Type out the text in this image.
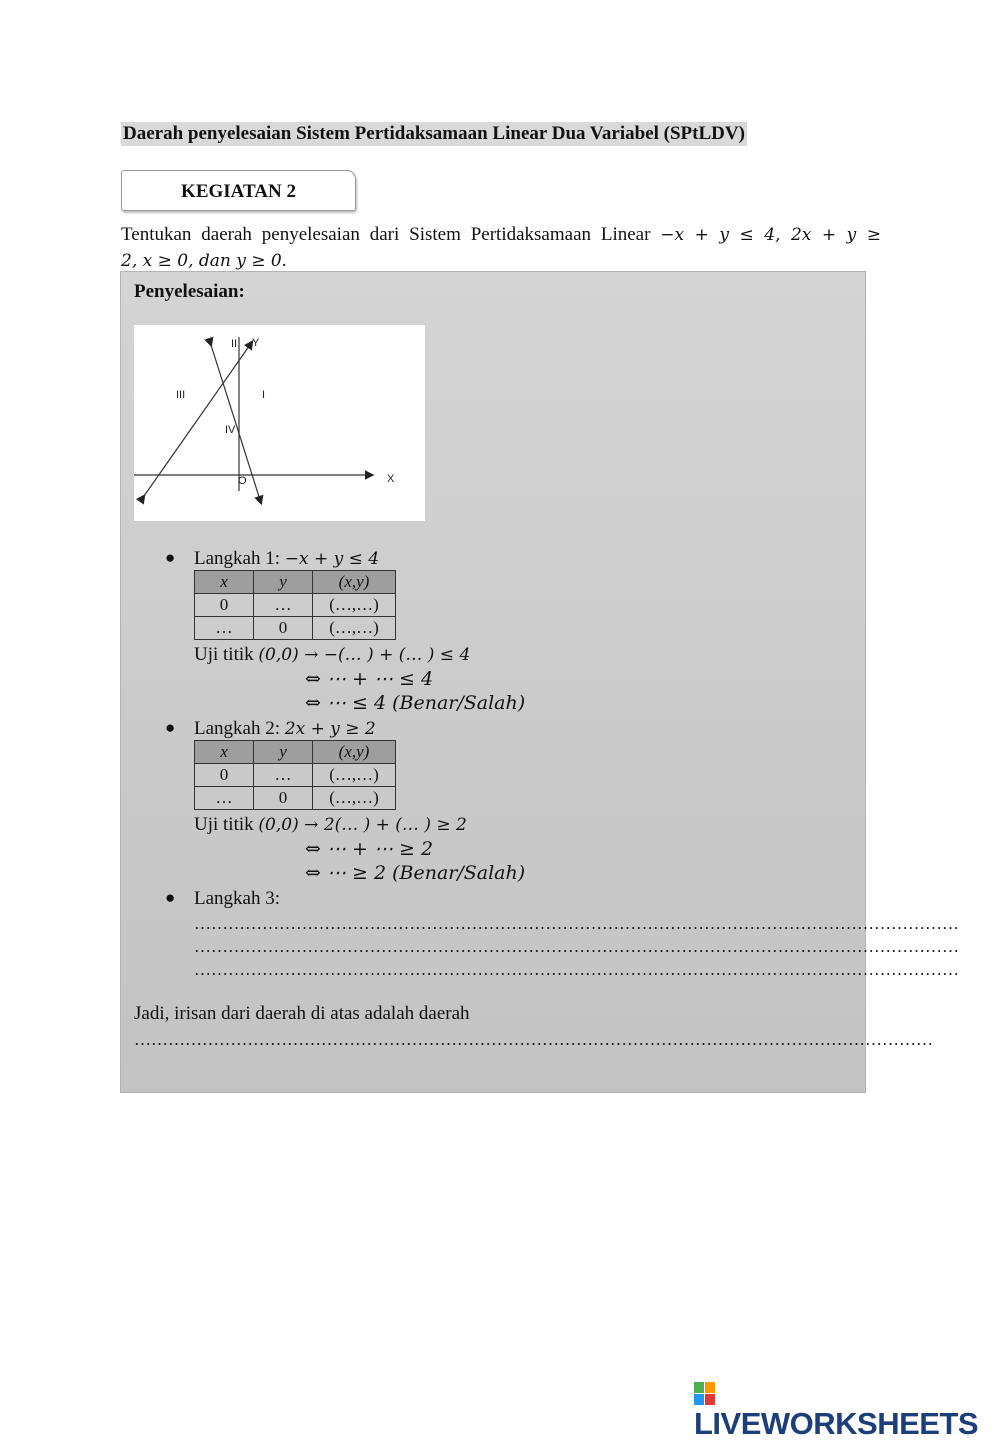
Daerah penyelesaian Sistem Pertidaksamaan Linear Dua Variabel (SPtLDV)
KEGIATAN 2
Tentukan daerah penyelesaian dari Sistem Pertidaksamaan Linear −x + y ≤ 4, 2x + y ≥
2, x ≥ 0, dan y ≥ 0.
Penyelesaian:
II Y
III	I
IV
O	X
● Langkah 1: −x + y ≤ 4
x	y	(x,y)
0	…	(…,…)
…	0	(…,…)
Uji titik (0,0) → −(… ) + (… ) ≤ 4
⇔ ⋯ + ⋯ ≤ 4
⇔ ⋯ ≤ 4 (Benar/Salah)
● Langkah 2: 2x + y ≥ 2
x	y	(x,y)
0	…	(…,…)
…	0	(…,…)
Uji titik (0,0) → 2(… ) + (… ) ≥ 2
⇔ ⋯ + ⋯ ≥ 2
⇔ ⋯ ≥ 2 (Benar/Salah)
● Langkah 3:
………………………………………………………………………………………………………………………
………………………………………………………………………………………………………………………
………………………………………………………………………………………………………………………
Jadi, irisan dari daerah di atas adalah daerah
……………………………………………………………………………………………………………………………
LIVEWORKSHEETS
